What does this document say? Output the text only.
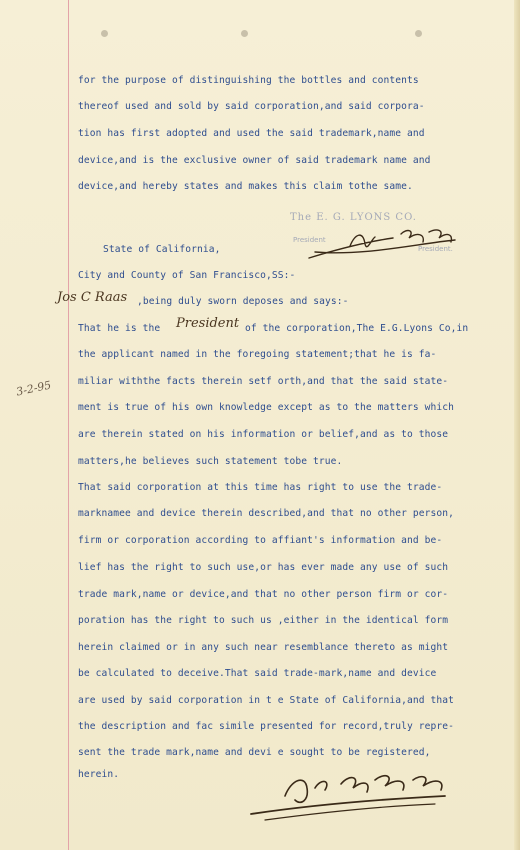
for the purpose of distinguishing the bottles and contents
thereof used and sold by said corporation,and said corpora-
tion has first adopted and used the said trademark,name and
device,and is the exclusive owner of said trademark name and
device,and hereby states and makes this claim tothe same.
The E. G. LYONS CO.
President
President.
State of California,
City and County of San Francisco,SS:-
Jos C Raas ,being duly sworn deposes and says:-
That he is the President of the corporation,The E.G.Lyons Co,in
the applicant named in the foregoing statement;that he is fa-
miliar withthe facts therein setf orth,and that the said state-
ment is true of his own knowledge except as to the matters which
are therein stated on his information or belief,and as to those
matters,he believes such statement tobe true.
3-2-95
That said corporation at this time has right to use the trade-
marknamee and device therein described,and that no other person,
firm or corporation according to affiant's information and be-
lief has the right to such use,or has ever made any use of such
trade mark,name or device,and that no other person firm or cor-
poration has the right to such us ,either in the identical form
herein claimed or in any such near resemblance thereto as might
be calculated to deceive.That said trade-mark,name and device
are used by said corporation in t e State of California,and that
the description and fac simile presented for record,truly repre-
sent the trade mark,name and devi e sought to be registered,
herein.
